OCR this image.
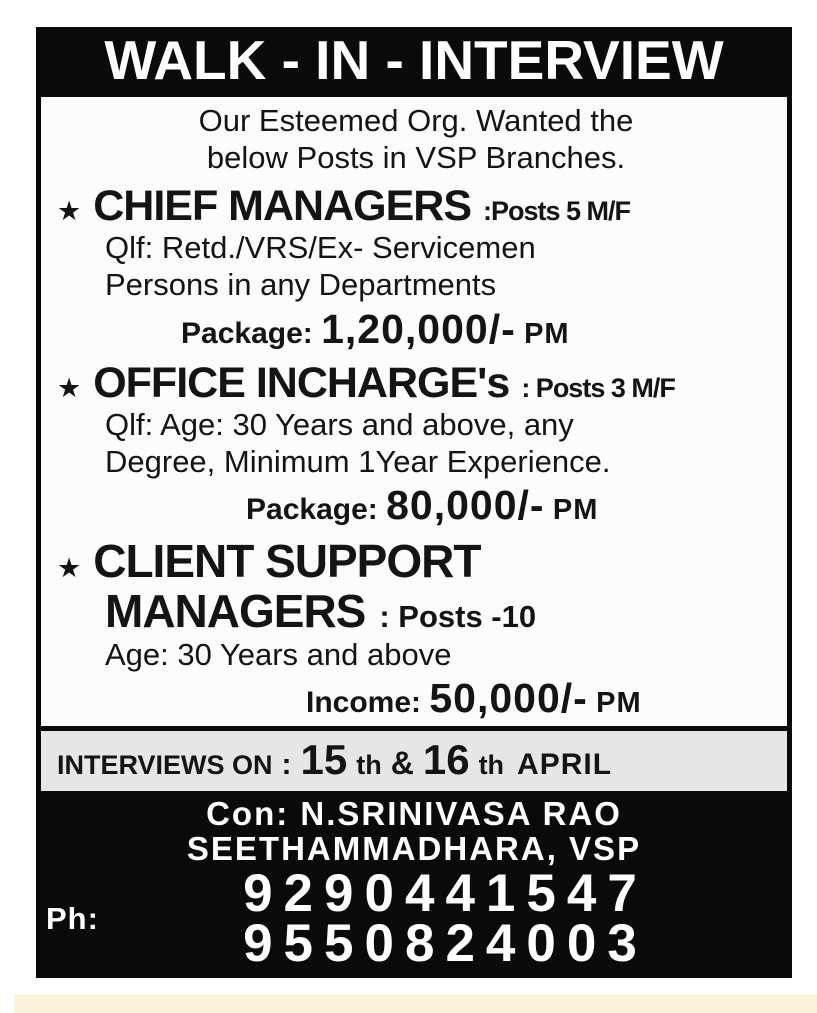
WALK - IN - INTERVIEW
Our Esteemed Org. Wanted the
below Posts in VSP Branches.
★ CHIEF MANAGERS :Posts 5 M/F
Qlf: Retd./VRS/Ex- Servicemen
Persons in any Departments
Package: 1,20,000/- PM
★ OFFICE INCHARGE's : Posts 3 M/F
Qlf: Age: 30 Years and above, any
Degree, Minimum 1Year Experience.
Package: 80,000/- PM
★ CLIENT SUPPORT
MANAGERS : Posts -10
Age: 30 Years and above
Income: 50,000/- PM
INTERVIEWS ON : 15 th & 16 th APRIL
Con: N.SRINIVASA RAO
SEETHAMMADHARA, VSP
Ph:	9290441547
9550824003
